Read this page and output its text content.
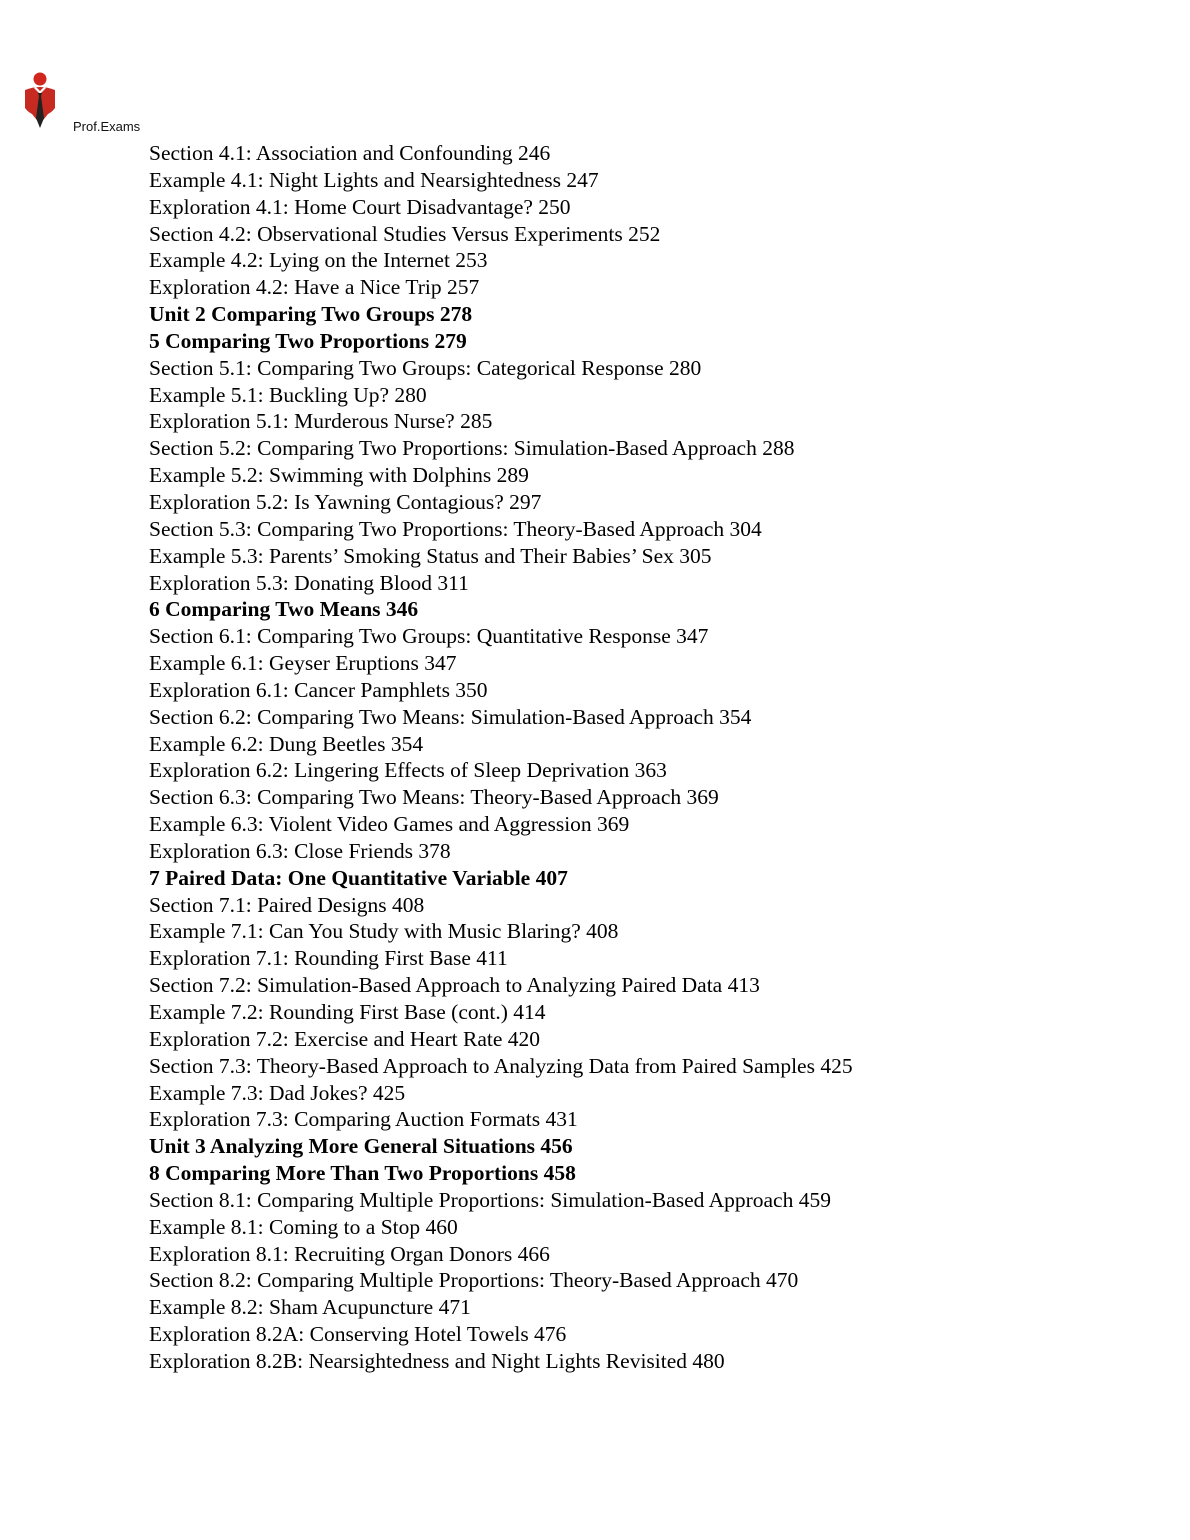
Prof.Exams
Section 4.1: Association and Confounding 246
Example 4.1: Night Lights and Nearsightedness 247
Exploration 4.1: Home Court Disadvantage? 250
Section 4.2: Observational Studies Versus Experiments 252
Example 4.2: Lying on the Internet 253
Exploration 4.2: Have a Nice Trip 257
Unit 2 Comparing Two Groups 278
5 Comparing Two Proportions 279
Section 5.1: Comparing Two Groups: Categorical Response 280
Example 5.1: Buckling Up? 280
Exploration 5.1: Murderous Nurse? 285
Section 5.2: Comparing Two Proportions: Simulation-Based Approach 288
Example 5.2: Swimming with Dolphins 289
Exploration 5.2: Is Yawning Contagious? 297
Section 5.3: Comparing Two Proportions: Theory-Based Approach 304
Example 5.3: Parents’ Smoking Status and Their Babies’ Sex 305
Exploration 5.3: Donating Blood 311
6 Comparing Two Means 346
Section 6.1: Comparing Two Groups: Quantitative Response 347
Example 6.1: Geyser Eruptions 347
Exploration 6.1: Cancer Pamphlets 350
Section 6.2: Comparing Two Means: Simulation-Based Approach 354
Example 6.2: Dung Beetles 354
Exploration 6.2: Lingering Effects of Sleep Deprivation 363
Section 6.3: Comparing Two Means: Theory-Based Approach 369
Example 6.3: Violent Video Games and Aggression 369
Exploration 6.3: Close Friends 378
7 Paired Data: One Quantitative Variable 407
Section 7.1: Paired Designs 408
Example 7.1: Can You Study with Music Blaring? 408
Exploration 7.1: Rounding First Base 411
Section 7.2: Simulation-Based Approach to Analyzing Paired Data 413
Example 7.2: Rounding First Base (cont.) 414
Exploration 7.2: Exercise and Heart Rate 420
Section 7.3: Theory-Based Approach to Analyzing Data from Paired Samples 425
Example 7.3: Dad Jokes? 425
Exploration 7.3: Comparing Auction Formats 431
Unit 3 Analyzing More General Situations 456
8 Comparing More Than Two Proportions 458
Section 8.1: Comparing Multiple Proportions: Simulation-Based Approach 459
Example 8.1: Coming to a Stop 460
Exploration 8.1: Recruiting Organ Donors 466
Section 8.2: Comparing Multiple Proportions: Theory-Based Approach 470
Example 8.2: Sham Acupuncture 471
Exploration 8.2A: Conserving Hotel Towels 476
Exploration 8.2B: Nearsightedness and Night Lights Revisited 480
